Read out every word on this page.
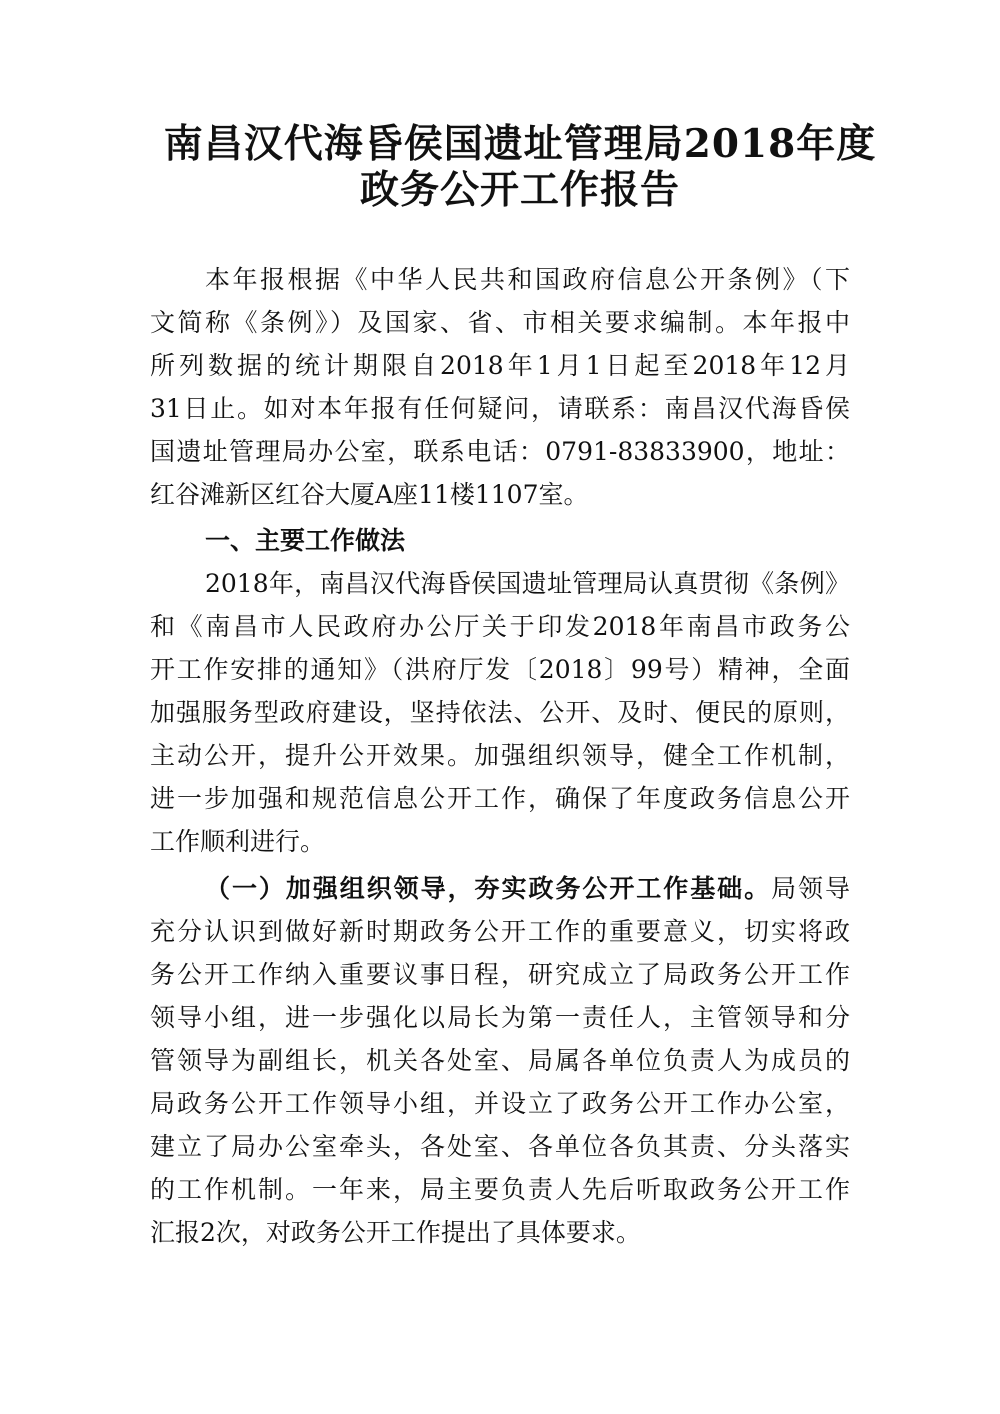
南昌汉代海昏侯国遗址管理局2018年度
政务公开工作报告
本年报根据《中华人民共和国政府信息公开条例》（下
文简称《条例》）及国家、省、市相关要求编制。本年报中
所列数据的统计期限自2018年1月1日起至2018年12月
31日止。如对本年报有任何疑问，请联系：南昌汉代海昏侯
国遗址管理局办公室，联系电话：0791-83833900，地址：
红谷滩新区红谷大厦A座11楼1107室。
一、主要工作做法
2018年，南昌汉代海昏侯国遗址管理局认真贯彻《条例》
和《南昌市人民政府办公厅关于印发2018年南昌市政务公
开工作安排的通知》（洪府厅发〔2018〕99号）精神，全面
加强服务型政府建设，坚持依法、公开、及时、便民的原则，
主动公开，提升公开效果。加强组织领导，健全工作机制，
进一步加强和规范信息公开工作，确保了年度政务信息公开
工作顺利进行。
（一）加强组织领导，夯实政务公开工作基础。局领导
充分认识到做好新时期政务公开工作的重要意义，切实将政
务公开工作纳入重要议事日程，研究成立了局政务公开工作
领导小组，进一步强化以局长为第一责任人，主管领导和分
管领导为副组长，机关各处室、局属各单位负责人为成员的
局政务公开工作领导小组，并设立了政务公开工作办公室，
建立了局办公室牵头，各处室、各单位各负其责、分头落实
的工作机制。一年来，局主要负责人先后听取政务公开工作
汇报2次，对政务公开工作提出了具体要求。
